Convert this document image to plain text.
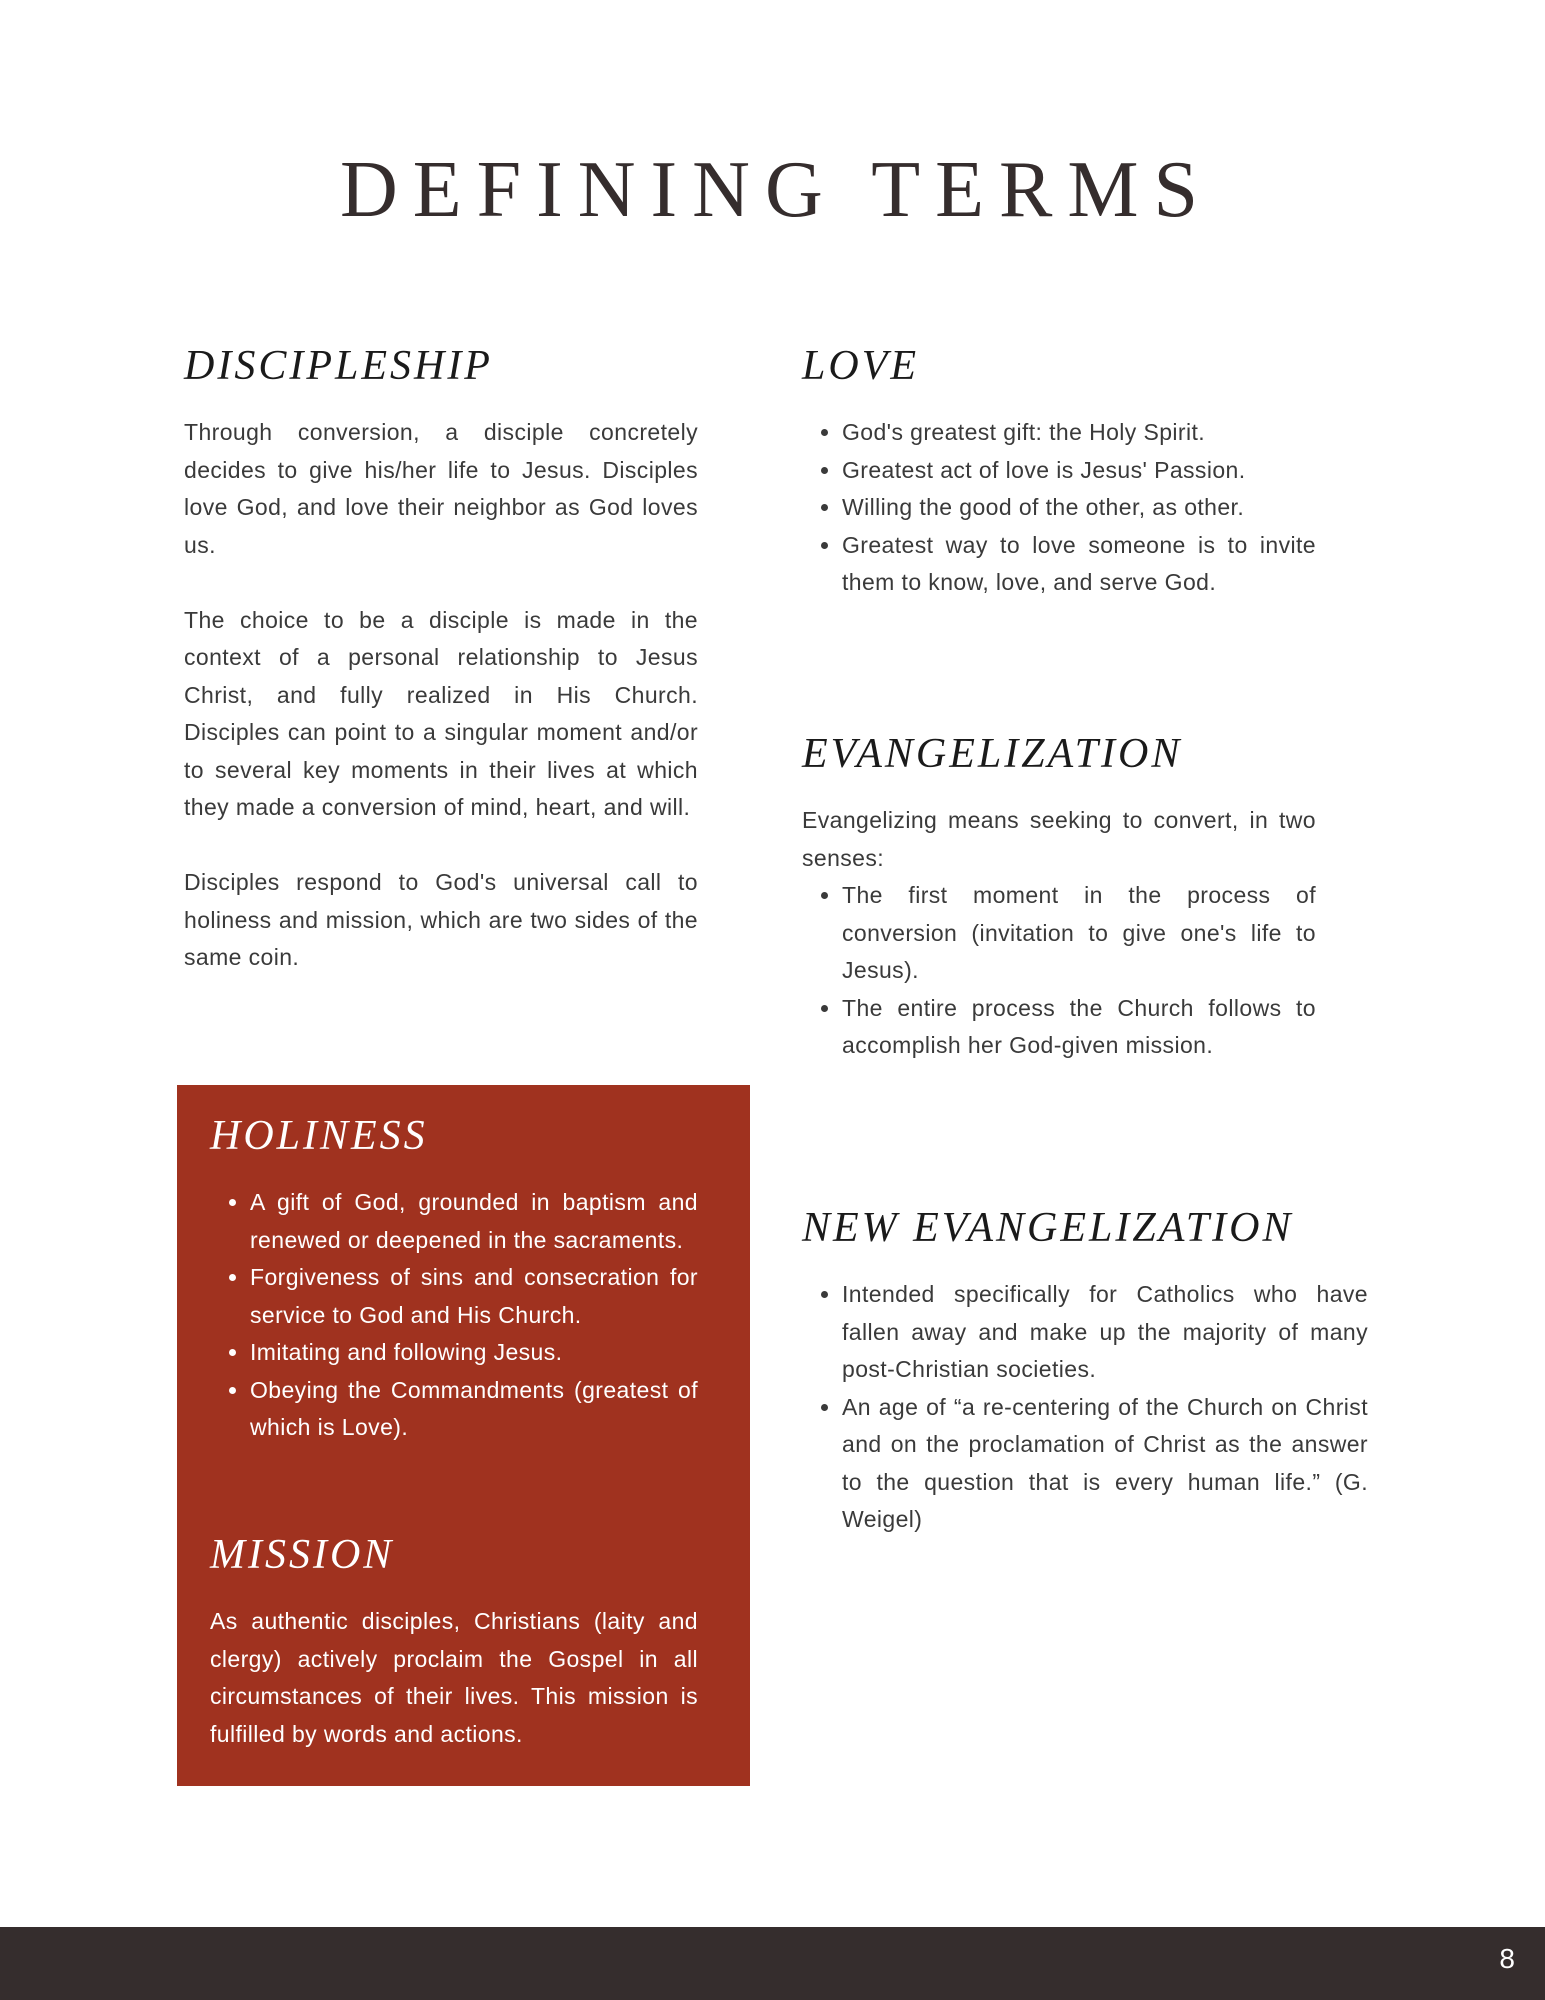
DEFINING TERMS
DISCIPLESHIP

Through conversion, a disciple concretely decides to give his/her life to Jesus. Disciples love God, and love their neighbor as God loves us.

The choice to be a disciple is made in the context of a personal relationship to Jesus Christ, and fully realized in His Church. Disciples can point to a singular moment and/or to several key moments in their lives at which they made a conversion of mind, heart, and will.

Disciples respond to God's universal call to holiness and mission, which are two sides of the same coin.

HOLINESS
• A gift of God, grounded in baptism and renewed or deepened in the sacraments.
• Forgiveness of sins and consecration for service to God and His Church.
• Imitating and following Jesus.
• Obeying the Commandments (greatest of which is Love).
MISSION

As authentic disciples, Christians (laity and clergy) actively proclaim the Gospel in all circumstances of their lives. This mission is fulfilled by words and actions.

LOVE
• God's greatest gift: the Holy Spirit.
• Greatest act of love is Jesus' Passion.
• Willing the good of the other, as other.
• Greatest way to love someone is to invite them to know, love, and serve God.
EVANGELIZATION

Evangelizing means seeking to convert, in two senses:

• The first moment in the process of conversion (invitation to give one's life to Jesus).
• The entire process the Church follows to accomplish her God-given mission.
NEW EVANGELIZATION
• Intended specifically for Catholics who have fallen away and make up the majority of many post-Christian societies.
• An age of “a re-centering of the Church on Christ and on the proclamation of Christ as the answer to the question that is every human life.” (G. Weigel)
8
